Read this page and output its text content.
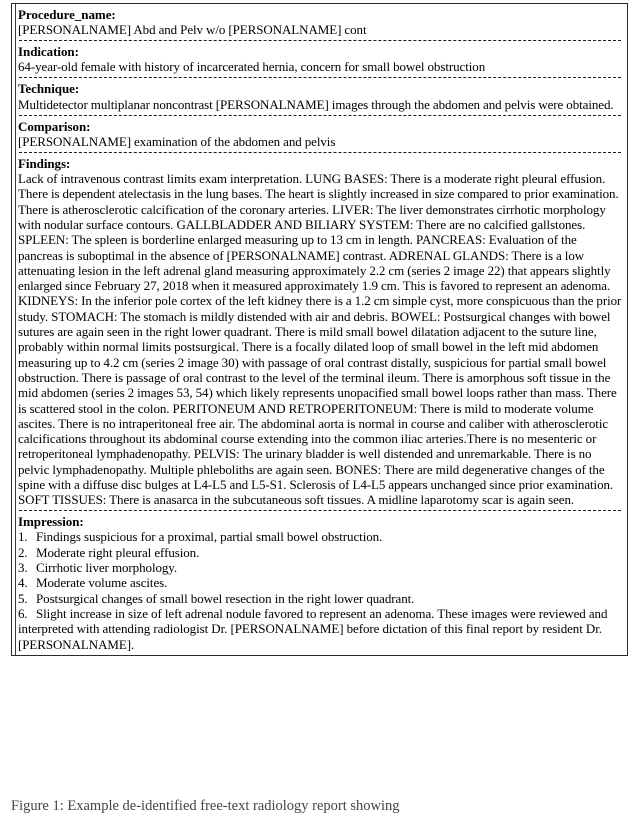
Procedure_name:
[PERSONALNAME] Abd and Pelv w/o [PERSONALNAME] cont
Indication:
64-year-old female with history of incarcerated hernia, concern for small bowel obstruction
Technique:
Multidetector multiplanar noncontrast [PERSONALNAME] images through the abdomen and pelvis were obtained.
Comparison:
[PERSONALNAME] examination of the abdomen and pelvis
Findings:
Lack of intravenous contrast limits exam interpretation. LUNG BASES: There is a moderate right pleural effusion. There is dependent atelectasis in the lung bases. The heart is slightly increased in size compared to prior examination. There is atherosclerotic calcification of the coronary arteries. LIVER: The liver demonstrates cirrhotic morphology with nodular surface contours. GALLBLADDER AND BILIARY SYSTEM: There are no calcified gallstones. SPLEEN: The spleen is borderline enlarged measuring up to 13 cm in length. PANCREAS: Evaluation of the pancreas is suboptimal in the absence of [PERSONALNAME] contrast. ADRENAL GLANDS: There is a low attenuating lesion in the left adrenal gland measuring approximately 2.2 cm (series 2 image 22) that appears slightly enlarged since February 27, 2018 when it measured approximately 1.9 cm. This is favored to represent an adenoma. KIDNEYS: In the inferior pole cortex of the left kidney there is a 1.2 cm simple cyst, more conspicuous than the prior study. STOMACH: The stomach is mildly distended with air and debris. BOWEL: Postsurgical changes with bowel sutures are again seen in the right lower quadrant. There is mild small bowel dilatation adjacent to the suture line, probably within normal limits postsurgical. There is a focally dilated loop of small bowel in the left mid abdomen measuring up to 4.2 cm (series 2 image 30) with passage of oral contrast distally, suspicious for partial small bowel obstruction. There is passage of oral contrast to the level of the terminal ileum. There is amorphous soft tissue in the mid abdomen (series 2 images 53, 54) which likely represents unopacified small bowel loops rather than mass. There is scattered stool in the colon. PERITONEUM AND RETROPERITONEUM: There is mild to moderate volume ascites. There is no intraperitoneal free air. The abdominal aorta is normal in course and caliber with atherosclerotic calcifications throughout its abdominal course extending into the common iliac arteries.There is no mesenteric or retroperitoneal lymphadenopathy. PELVIS: The urinary bladder is well distended and unremarkable. There is no pelvic lymphadenopathy. Multiple phleboliths are again seen. BONES: There are mild degenerative changes of the spine with a diffuse disc bulges at L4-L5 and L5-S1. Sclerosis of L4-L5 appears unchanged since prior examination. SOFT TISSUES: There is anasarca in the subcutaneous soft tissues. A midline laparotomy scar is again seen.
Impression:
1. Findings suspicious for a proximal, partial small bowel obstruction.
2. Moderate right pleural effusion.
3. Cirrhotic liver morphology.
4. Moderate volume ascites.
5. Postsurgical changes of small bowel resection in the right lower quadrant.
6. Slight increase in size of left adrenal nodule favored to represent an adenoma. These images were reviewed and interpreted with attending radiologist Dr. [PERSONALNAME] before dictation of this final report by resident Dr. [PERSONALNAME].
Figure 1: Example de-identified free-text radiology report showing
